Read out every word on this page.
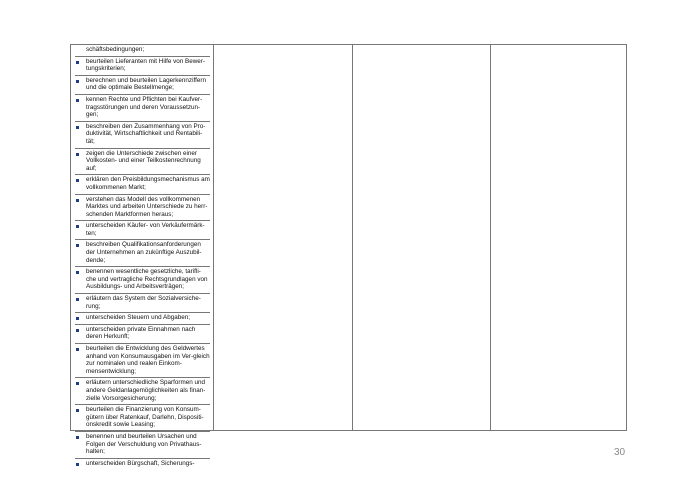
schäftsbedingungen;
beurteilen Lieferanten mit Hilfe von Bewer-tungskriterien;
berechnen und beurteilen Lagerkennziffern und die optimale Bestellmenge;
kennen Rechte und Pflichten bei Kaufver-tragsstörungen und deren Voraussetzun-gen;
beschreiben den Zusammenhang von Pro-duktivität, Wirtschaftlichkeit und Rentabili-tät;
zeigen die Unterschiede zwischen einer Vollkosten- und einer Teilkostenrechnung auf;
erklären den Preisbildungsmechanismus am vollkommenen Markt;
verstehen das Modell des vollkommenen Marktes und arbeiten Unterschiede zu herr-schenden Marktformen heraus;
unterscheiden Käufer- von Verkäufermärk-ten;
beschreiben Qualifikationsanforderungen der Unternehmen an zukünftige Auszubil-dende;
benennen wesentliche gesetzliche, tarifli-che und vertragliche Rechtsgrundlagen von Ausbildungs- und Arbeitsverträgen;
erläutern das System der Sozialversiche-rung;
unterscheiden Steuern und Abgaben;
unterscheiden private Einnahmen nach deren Herkunft;
beurteilen die Entwicklung des Geldwertes anhand von Konsumausgaben im Ver-gleich zur nominalen und realen Einkom-mensentwicklung;
erläutern unterschiedliche Sparformen und andere Geldanlagemöglichkeiten als finan-zielle Vorsorgesicherung;
beurteilen die Finanzierung von Konsum-gütern über Ratenkauf, Darlehn, Dispositi-onskredit sowie Leasing;
benennen und beurteilen Ursachen und Folgen der Verschuldung von Privathaus-halten;
unterscheiden Bürgschaft, Sicherungs-
30
